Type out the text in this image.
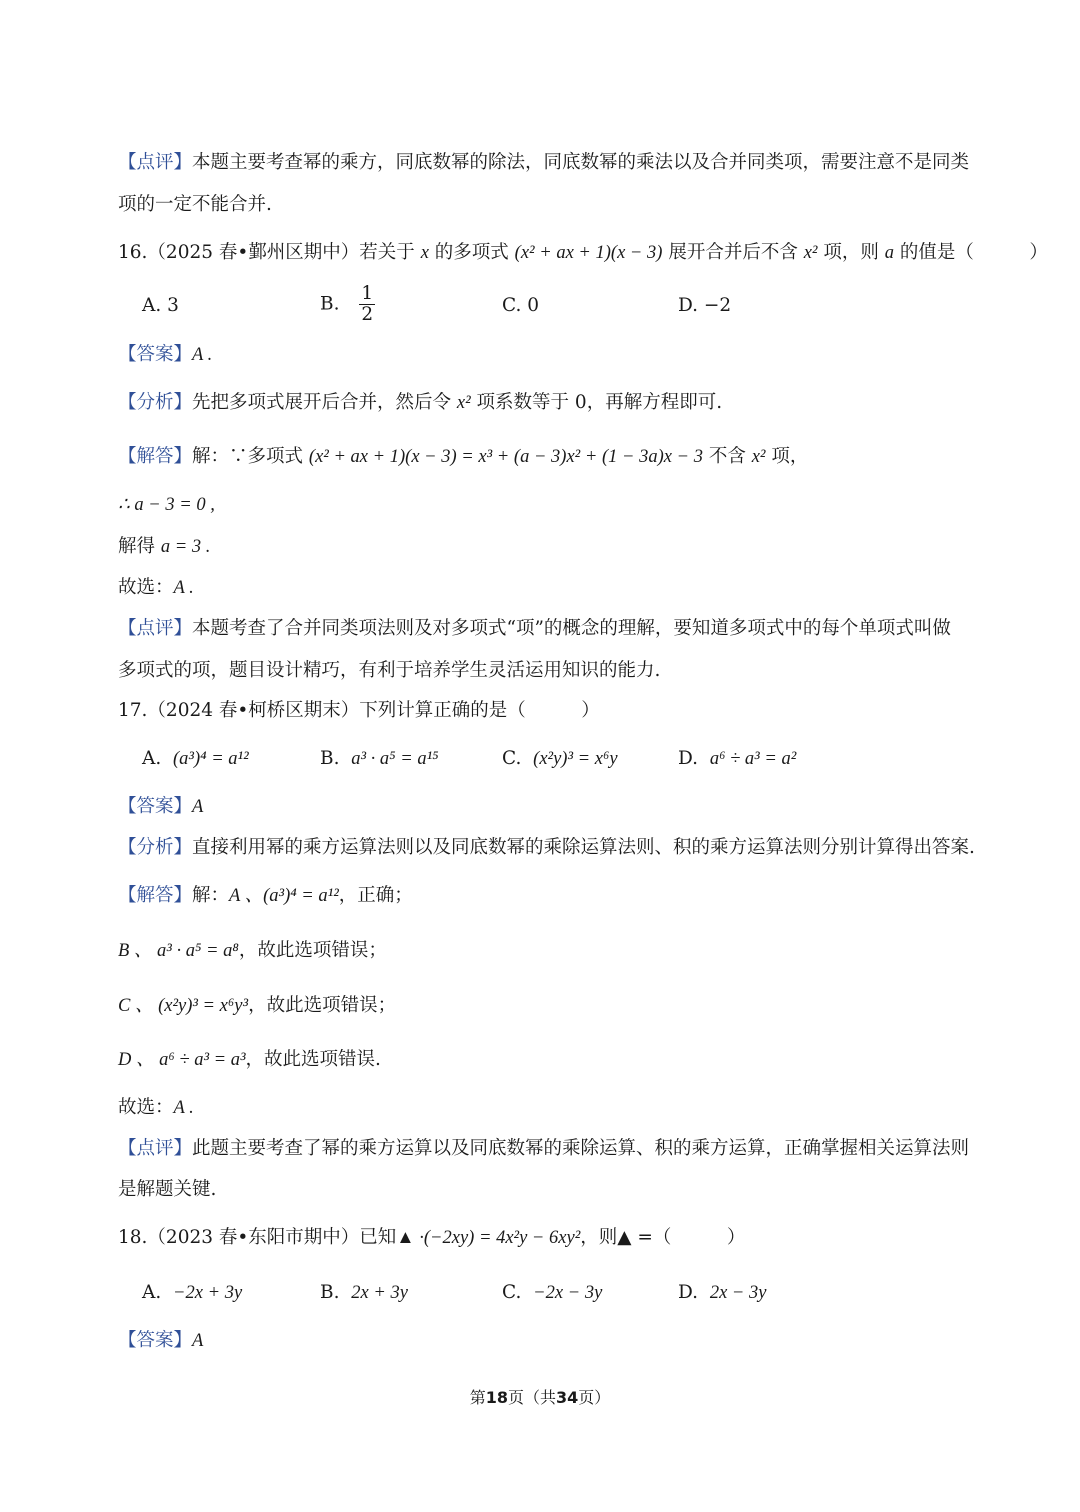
【点评】本题主要考查幂的乘方，同底数幂的除法，同底数幂的乘法以及合并同类项，需要注意不是同类
项的一定不能合并.
16.（2025 春•鄞州区期中）若关于 x 的多项式 (x² + ax + 1)(x − 3) 展开合并后不含 x² 项，则 a 的值是（　　　）
A. 3	B. $\frac{1}{2}$	C. 0	D. −2
【答案】A .
【分析】先把多项式展开后合并，然后令 x² 项系数等于 0，再解方程即可.
【解答】解：∵多项式 (x² + ax + 1)(x − 3) = x³ + (a − 3)x² + (1 − 3a)x − 3 不含 x² 项，
∴ a − 3 = 0 ,
解得 a = 3 .
故选：A .
【点评】本题考查了合并同类项法则及对多项式“项”的概念的理解，要知道多项式中的每个单项式叫做
多项式的项，题目设计精巧，有利于培养学生灵活运用知识的能力.
17.（2024 春•柯桥区期末）下列计算正确的是（　　　）
A. (a³)⁴ = a¹²	B. a³ · a⁵ = a¹⁵	C. (x²y)³ = x⁶y	D. a⁶ ÷ a³ = a²
【答案】A
【分析】直接利用幂的乘方运算法则以及同底数幂的乘除运算法则、积的乘方运算法则分别计算得出答案.
【解答】解：A 、(a³)⁴ = a¹²，正确；
B 、 a³ · a⁵ = a⁸，故此选项错误；
C 、 (x²y)³ = x⁶y³，故此选项错误；
D 、 a⁶ ÷ a³ = a³，故此选项错误.
故选：A .
【点评】此题主要考查了幂的乘方运算以及同底数幂的乘除运算、积的乘方运算，正确掌握相关运算法则
是解题关键.
18.（2023 春•东阳市期中）已知▲ ·(−2xy) = 4x²y − 6xy²，则▲ =（　　　）
A. −2x + 3y	B. 2x + 3y	C. −2x − 3y	D. 2x − 3y
【答案】A
第18页（共34页）
